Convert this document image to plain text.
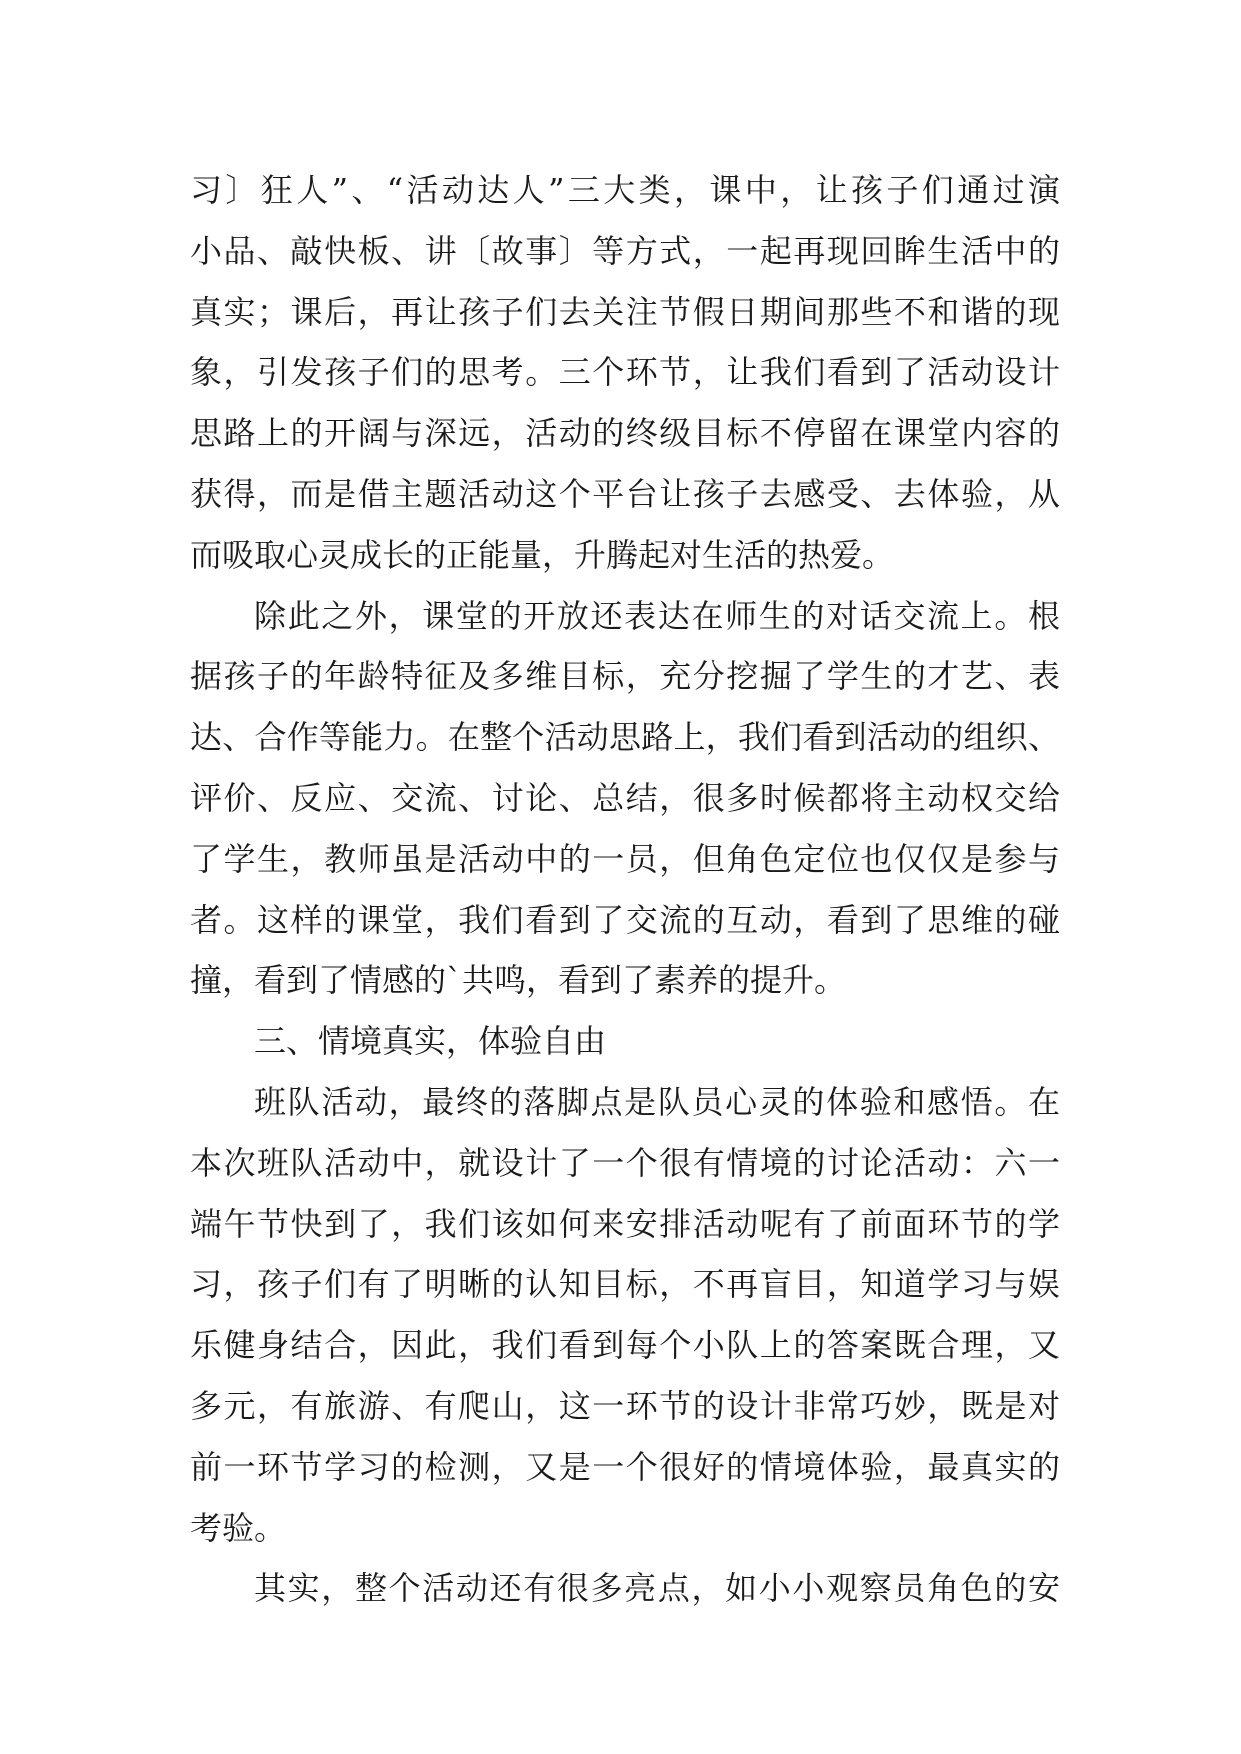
习〕狂人”、“活动达人”三大类，课中，让孩子们通过演
小品、敲快板、讲〔故事〕等方式，一起再现回眸生活中的
真实；课后，再让孩子们去关注节假日期间那些不和谐的现
象，引发孩子们的思考。三个环节，让我们看到了活动设计
思路上的开阔与深远，活动的终级目标不停留在课堂内容的
获得，而是借主题活动这个平台让孩子去感受、去体验，从
而吸取心灵成长的正能量，升腾起对生活的热爱。
除此之外，课堂的开放还表达在师生的对话交流上。根
据孩子的年龄特征及多维目标，充分挖掘了学生的才艺、表
达、合作等能力。在整个活动思路上，我们看到活动的组织、
评价、反应、交流、讨论、总结，很多时候都将主动权交给
了学生，教师虽是活动中的一员，但角色定位也仅仅是参与
者。这样的课堂，我们看到了交流的互动，看到了思维的碰
撞，看到了情感的`共鸣，看到了素养的提升。
三、情境真实，体验自由
班队活动，最终的落脚点是队员心灵的体验和感悟。在
本次班队活动中，就设计了一个很有情境的讨论活动：六一
端午节快到了，我们该如何来安排活动呢有了前面环节的学
习，孩子们有了明晰的认知目标，不再盲目，知道学习与娱
乐健身结合，因此，我们看到每个小队上的答案既合理，又
多元，有旅游、有爬山，这一环节的设计非常巧妙，既是对
前一环节学习的检测，又是一个很好的情境体验，最真实的
考验。
其实，整个活动还有很多亮点，如小小观察员角色的安
